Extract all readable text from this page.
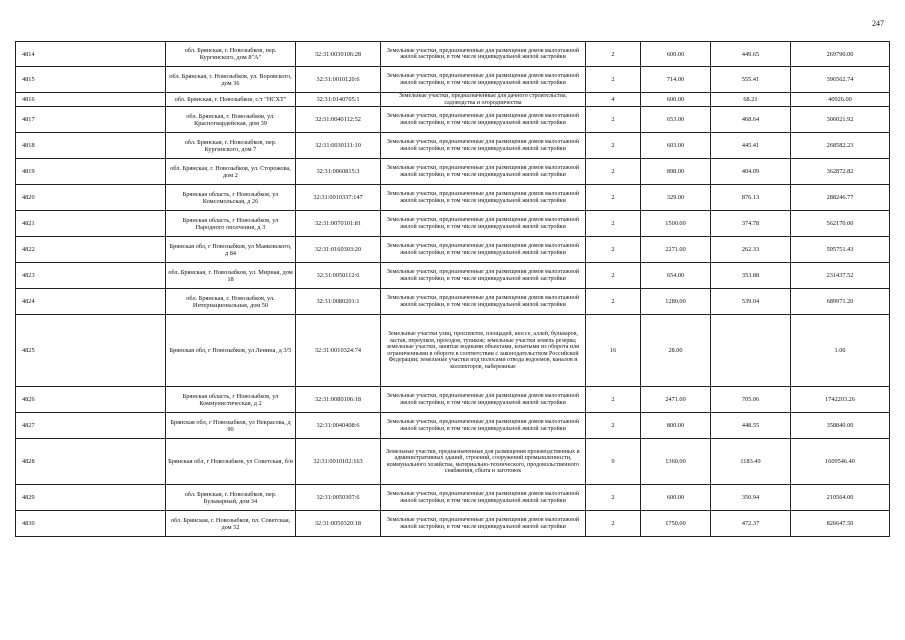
247
4814	обл. Брянская, г. Новозыбков, пер. Кургинского, дом 8"А"	32:31:0030106:28	Земельные участки, предназначенные для размещения домов малоэтажной жилой застройки, в том числе индивидуальной жилой застройки	2	600.00	449.65	269790.00
4815	обл. Брянская, г. Новозыбков, ул. Воровского, дом 36	32:31:0010120:6	Земельные участки, предназначенные для размещения домов малоэтажной жилой застройки, в том числе индивидуальной жилой застройки	2	714.00	555.41	396562.74
4816	обл. Брянская, г. Новозыбков, с/т "НСХТ"	32:31:0140705:1	Земельные участки, предназначенные для дачного строительства, садоводства и огородничества	4	600.00	68.21	40926.00
4817	обл. Брянская, г. Новозыбков, ул. Красногвардейская, дом 39	32:31:0040112:52	Земельные участки, предназначенные для размещения домов малоэтажной жилой застройки, в том числе индивидуальной жилой застройки	2	653.00	468.64	306021.92
4818	обл. Брянская, г. Новозыбков, пер. Кургинского, дом 7	32:31:0030111:10	Земельные участки, предназначенные для размещения домов малоэтажной жилой застройки, в том числе индивидуальной жилой застройки	2	603.00	445.41	268582.23
4819	обл. Брянская, г. Новозыбков, ул. Сторожова, дом 2	32:31:0060815:3	Земельные участки, предназначенные для размещения домов малоэтажной жилой застройки, в том числе индивидуальной жилой застройки	2	898.00	404.09	362872.82
4820	Брянская область, г Новозыбков, ул Комсомольская, д 26	32:31:0010337:147	Земельные участки, предназначенные для размещения домов малоэтажной жилой застройки, в том числе индивидуальной жилой застройки	2	329.00	876.13	288246.77
4821	Брянская область, г Новозыбков, ул Народного ополчения, д 3	32:31:0070101:81	Земельные участки, предназначенные для размещения домов малоэтажной жилой застройки, в том числе индивидуальной жилой застройки	2	1500.00	374.78	562170.00
4822	Брянская обл, г Новозыбков, ул Маяковского, д 84	32:31:0160303:20	Земельные участки, предназначенные для размещения домов малоэтажной жилой застройки, в том числе индивидуальной жилой застройки	2	2271.00	262.33	595751.43
4823	обл. Брянская, г. Новозыбков, ул. Мирная, дом 18	32:31:0050112:6	Земельные участки, предназначенные для размещения домов малоэтажной жилой застройки, в том числе индивидуальной жилой застройки	2	654.00	353.88	231437.52
4824	обл. Брянская, г. Новозыбков, ул. Интернациональная, дом 50	32:31:0080201:1	Земельные участки, предназначенные для размещения домов малоэтажной жилой застройки, в том числе индивидуальной жилой застройки	2	1280.00	539.04	689971.20
4825	Брянская обл, г Новозыбков, ул Ленина, д 3/5	32:31:0010324:74	Земельные участки улиц, проспектов, площадей, шоссе, аллей, бульваров, застав, переулков, проездов, тупиков; земельные участки земель резерва; земельные участки, занятые водными объектами, изъятыми из оборота или ограниченными в обороте в соответствии с законодательством Российской Федерации; земельные участки под полосами отвода водоемов, каналов и коллекторов, набережные	16	28.00		1.00
4826	Брянская область, г Новозыбков, ул Коммунистическая, д 2	32:31:0080106:18	Земельные участки, предназначенные для размещения домов малоэтажной жилой застройки, в том числе индивидуальной жилой застройки	2	2471.00	705.06	1742203.26
4827	Брянская обл, г Новозыбков, ул Некрасова, д 90	32:31:0040408:6	Земельные участки, предназначенные для размещения домов малоэтажной жилой застройки, в том числе индивидуальной жилой застройки	2	800.00	448.55	358840.00
4828	Брянская обл, г Новозыбков, ул Советская, б/н	32:31:0010102:163	Земельные участки, предназначенные для размещения производственных и административных зданий, строений, сооружений промышленности, коммунального хозяйства, материально-технического, продовольственного снабжения, сбыта и заготовок	9	1360.00	1183.49	1609546.40
4829	обл. Брянская, г. Новозыбков, пер. Бульварный, дом 34	32:31:0050307:6	Земельные участки, предназначенные для размещения домов малоэтажной жилой застройки, в том числе индивидуальной жилой застройки	2	600.00	350.94	210564.00
4830	обл. Брянская, г. Новозыбков, пл. Советская, дом 52	32:31:0050320:18	Земельные участки, предназначенные для размещения домов малоэтажной жилой застройки, в том числе индивидуальной жилой застройки	2	1750.00	472.37	826647.50
